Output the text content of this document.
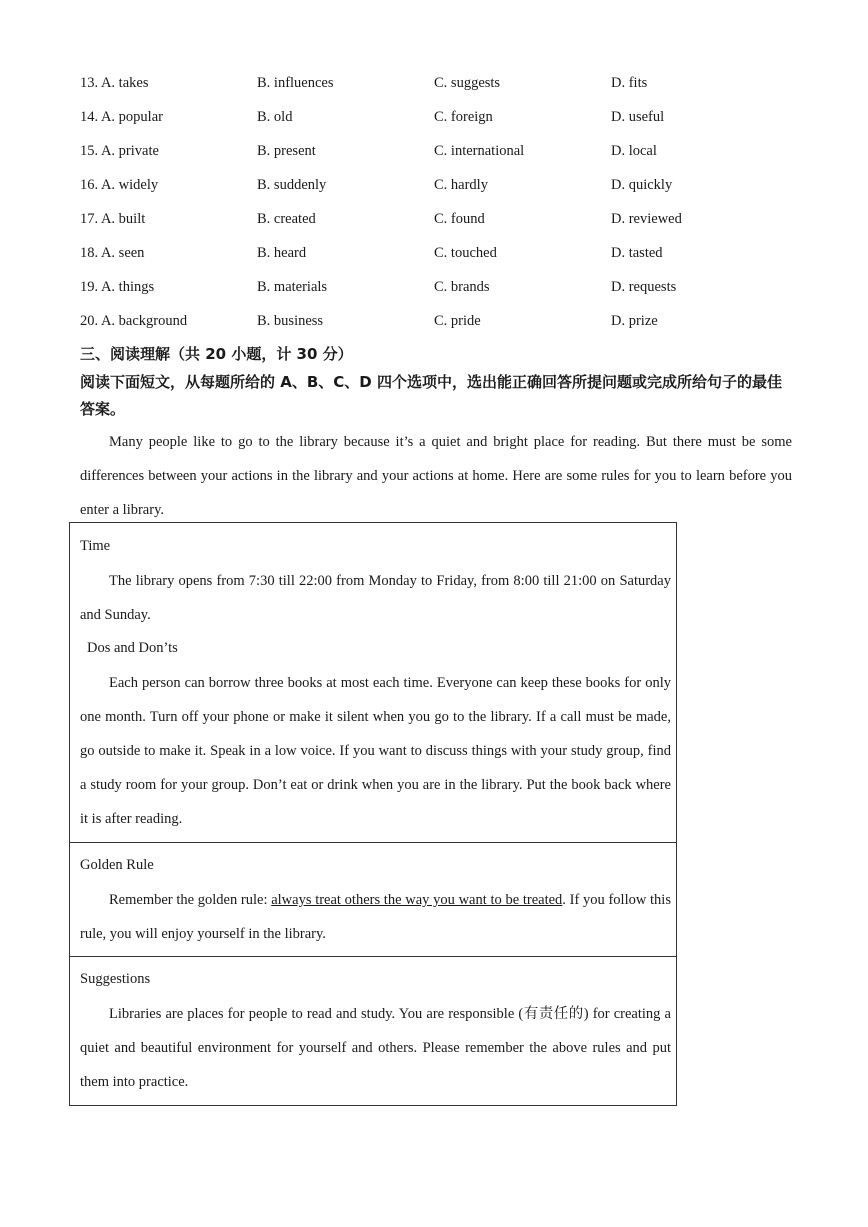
13. A. takes	B. influences	C. suggests	D. fits
14. A. popular	B. old	C. foreign	D. useful
15. A. private	B. present	C. international	D. local
16. A. widely	B. suddenly	C. hardly	D. quickly
17. A. built	B. created	C. found	D. reviewed
18. A. seen	B. heard	C. touched	D. tasted
19. A. things	B. materials	C. brands	D. requests
20. A. background	B. business	C. pride	D. prize
三、阅读理解（共 20 小题，计 30 分）
阅读下面短文，从每题所给的 A、B、C、D 四个选项中，选出能正确回答所提问题或完成所给句子的最佳答案。
Many people like to go to the library because it’s a quiet and bright place for reading. But there must be some differences between your actions in the library and your actions at home. Here are some rules for you to learn before you enter a library.
Time
The library opens from 7:30 till 22:00 from Monday to Friday, from 8:00 till 21:00 on Saturday and Sunday.
Dos and Don’ts
Each person can borrow three books at most each time. Everyone can keep these books for only one month. Turn off your phone or make it silent when you go to the library. If a call must be made, go outside to make it. Speak in a low voice. If you want to discuss things with your study group, find a study room for your group. Don’t eat or drink when you are in the library. Put the book back where it is after reading.
Golden Rule
Remember the golden rule: always treat others the way you want to be treated. If you follow this rule, you will enjoy yourself in the library.
Suggestions
Libraries are places for people to read and study. You are responsible (有责任的) for creating a quiet and beautiful environment for yourself and others. Please remember the above rules and put them into practice.
